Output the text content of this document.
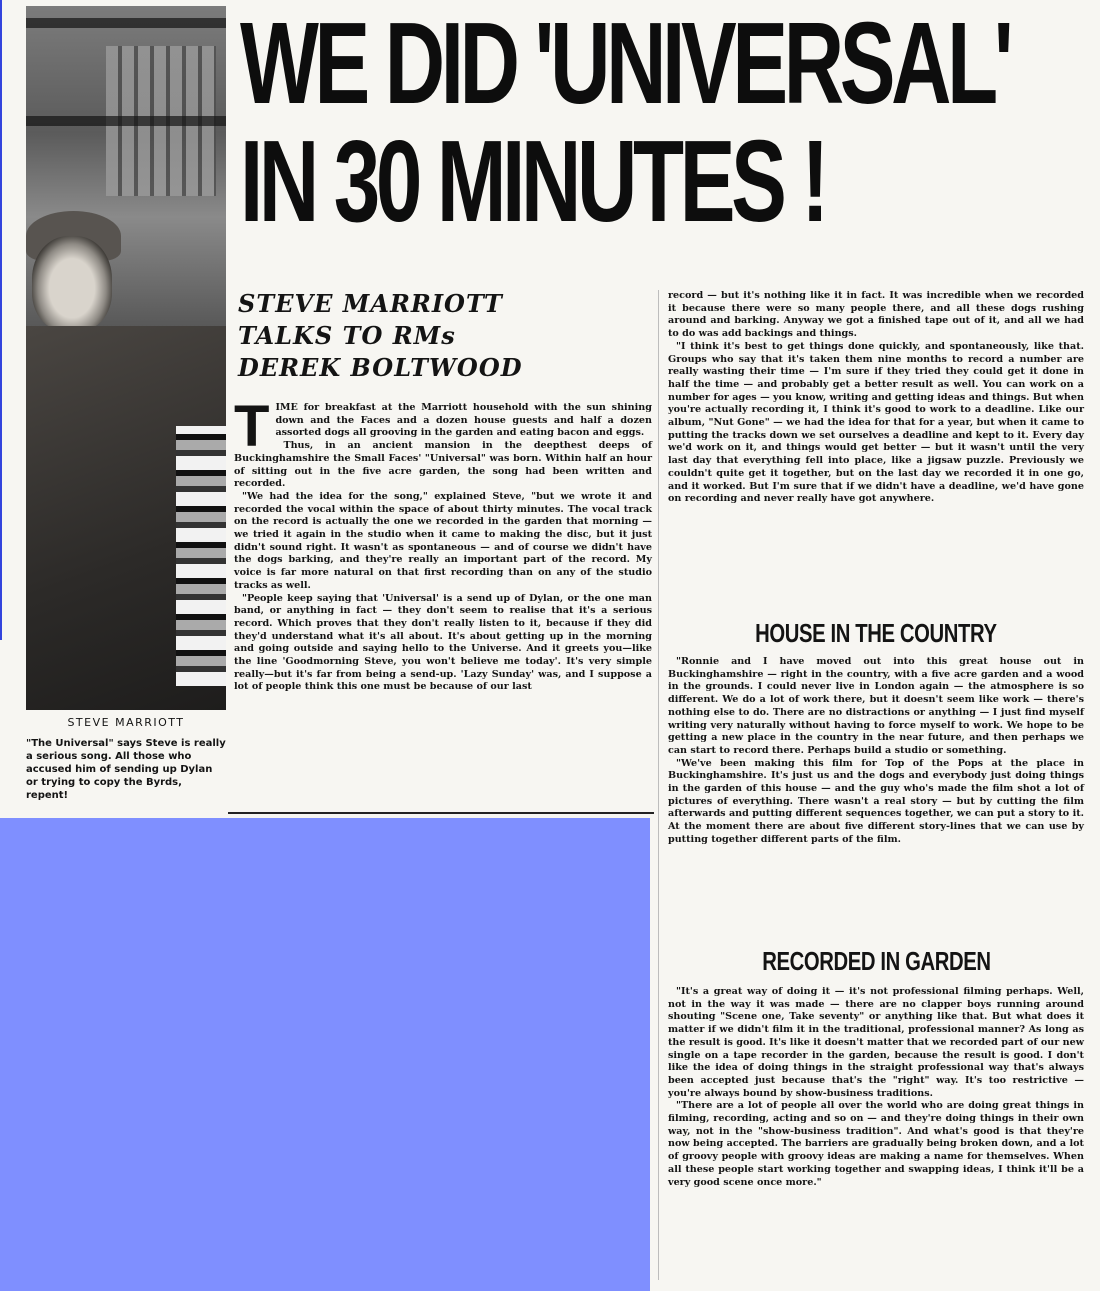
STEVE MARRIOTT
"The Universal" says Steve is really a serious song. All those who accused him of sending up Dylan or trying to copy the Byrds, repent!
WE DID 'UNIVERSAL'
IN 30 MINUTES !
STEVE MARRIOTT
TALKS TO RMs
DEREK BOLTWOOD

TIME for breakfast at the Marriott household with the sun shining down and the Faces and a dozen house guests and half a dozen assorted dogs all grooving in the garden and eating bacon and eggs.

Thus, in an ancient mansion in the deepthest deeps of Buckinghamshire the Small Faces' "Universal" was born. Within half an hour of sitting out in the five acre garden, the song had been written and recorded.

"We had the idea for the song," explained Steve, "but we wrote it and recorded the vocal within the space of about thirty minutes. The vocal track on the record is actually the one we recorded in the garden that morning — we tried it again in the studio when it came to making the disc, but it just didn't sound right. It wasn't as spontaneous — and of course we didn't have the dogs barking, and they're really an important part of the record. My voice is far more natural on that first recording than on any of the studio tracks as well.

"People keep saying that 'Universal' is a send up of Dylan, or the one man band, or anything in fact — they don't seem to realise that it's a serious record. Which proves that they don't really listen to it, because if they did they'd understand what it's all about. It's about getting up in the morning and going outside and saying hello to the Universe. And it greets you—like the line 'Goodmorning Steve, you won't believe me today'. It's very simple really—but it's far from being a send-up. 'Lazy Sunday' was, and I suppose a lot of people think this one must be because of our last

record — but it's nothing like it in fact. It was incredible when we recorded it because there were so many people there, and all these dogs rushing around and barking. Anyway we got a finished tape out of it, and all we had to do was add backings and things.

"I think it's best to get things done quickly, and spontaneously, like that. Groups who say that it's taken them nine months to record a number are really wasting their time — I'm sure if they tried they could get it done in half the time — and probably get a better result as well. You can work on a number for ages — you know, writing and getting ideas and things. But when you're actually recording it, I think it's good to work to a deadline. Like our album, "Nut Gone" — we had the idea for that for a year, but when it came to putting the tracks down we set ourselves a deadline and kept to it. Every day we'd work on it, and things would get better — but it wasn't until the very last day that everything fell into place, like a jigsaw puzzle. Previously we couldn't quite get it together, but on the last day we recorded it in one go, and it worked. But I'm sure that if we didn't have a deadline, we'd have gone on recording and never really have got anywhere.

HOUSE IN THE COUNTRY

"Ronnie and I have moved out into this great house out in Buckinghamshire — right in the country, with a five acre garden and a wood in the grounds. I could never live in London again — the atmosphere is so different. We do a lot of work there, but it doesn't seem like work — there's nothing else to do. There are no distractions or anything — I just find myself writing very naturally without having to force myself to work. We hope to be getting a new place in the country in the near future, and then perhaps we can start to record there. Perhaps build a studio or something.

"We've been making this film for Top of the Pops at the place in Buckinghamshire. It's just us and the dogs and everybody just doing things in the garden of this house — and the guy who's made the film shot a lot of pictures of everything. There wasn't a real story — but by cutting the film afterwards and putting different sequences together, we can put a story to it. At the moment there are about five different story-lines that we can use by putting together different parts of the film.

RECORDED IN GARDEN

"It's a great way of doing it — it's not professional filming perhaps. Well, not in the way it was made — there are no clapper boys running around shouting "Scene one, Take seventy" or anything like that. But what does it matter if we didn't film it in the traditional, professional manner? As long as the result is good. It's like it doesn't matter that we recorded part of our new single on a tape recorder in the garden, because the result is good. I don't like the idea of doing things in the straight professional way that's always been accepted just because that's the "right" way. It's too restrictive — you're always bound by show-business traditions.

"There are a lot of people all over the world who are doing great things in filming, recording, acting and so on — and they're doing things in their own way, not in the "show-business tradition". And what's good is that they're now being accepted. The barriers are gradually being broken down, and a lot of groovy people with groovy ideas are making a name for themselves. When all these people start working together and swapping ideas, I think it'll be a very good scene once more."
